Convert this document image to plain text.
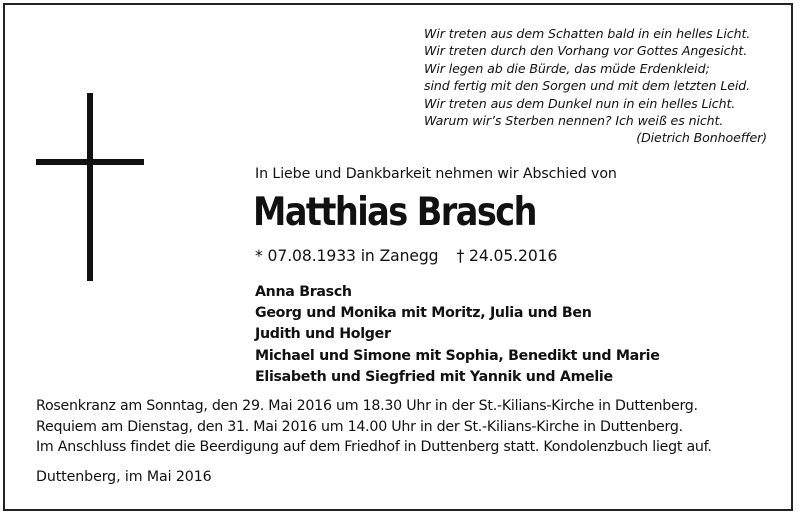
Wir treten aus dem Schatten bald in ein helles Licht.
Wir treten durch den Vorhang vor Gottes Angesicht.
Wir legen ab die Bürde, das müde Erdenkleid;
sind fertig mit den Sorgen und mit dem letzten Leid.
Wir treten aus dem Dunkel nun in ein helles Licht.
Warum wir’s Sterben nennen? Ich weiß es nicht.
(Dietrich Bonhoeffer)
In Liebe und Dankbarkeit nehmen wir Abschied von
Matthias Brasch
* 07.08.1933 in Zanegg † 24.05.2016
Anna Brasch
Georg und Monika mit Moritz, Julia und Ben
Judith und Holger
Michael und Simone mit Sophia, Benedikt und Marie
Elisabeth und Siegfried mit Yannik und Amelie
Rosenkranz am Sonntag, den 29. Mai 2016 um 18.30 Uhr in der St.-Kilians-Kirche in Duttenberg.
Requiem am Dienstag, den 31. Mai 2016 um 14.00 Uhr in der St.-Kilians-Kirche in Duttenberg.
Im Anschluss findet die Beerdigung auf dem Friedhof in Duttenberg statt. Kondolenzbuch liegt auf.
Duttenberg, im Mai 2016
